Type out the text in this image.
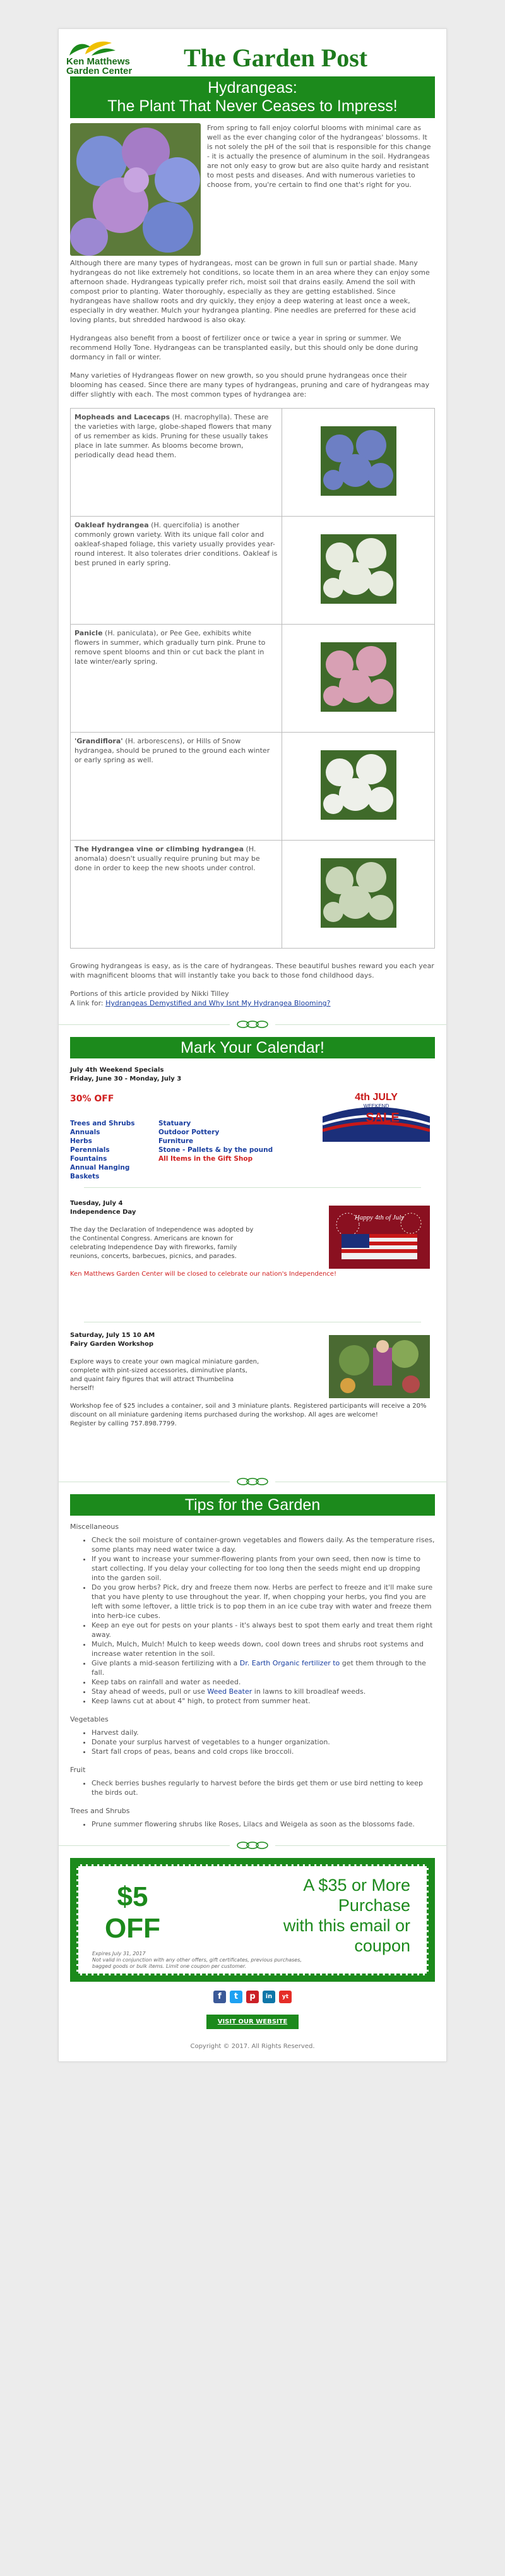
Ken Matthews
Garden Center The Garden Post
Hydrangeas:
The Plant That Never Ceases to Impress!

From spring to fall enjoy colorful blooms with minimal care as well as the ever changing color of the hydrangeas' blossoms. It is not solely the pH of the soil that is responsible for this change - it is actually the presence of aluminum in the soil. Hydrangeas are not only easy to grow but are also quite hardy and resistant to most pests and diseases. And with numerous varieties to choose from, you're certain to find one that's right for you.

Although there are many types of hydrangeas, most can be grown in full sun or partial shade. Many hydrangeas do not like extremely hot conditions, so locate them in an area where they can enjoy some afternoon shade. Hydrangeas typically prefer rich, moist soil that drains easily. Amend the soil with compost prior to planting. Water thoroughly, especially as they are getting established. Since hydrangeas have shallow roots and dry quickly, they enjoy a deep watering at least once a week, especially in dry weather. Mulch your hydrangea planting. Pine needles are preferred for these acid loving plants, but shredded hardwood is also okay.

Hydrangeas also benefit from a boost of fertilizer once or twice a year in spring or summer. We recommend Holly Tone. Hydrangeas can be transplanted easily, but this should only be done during dormancy in fall or winter.

Many varieties of Hydrangeas flower on new growth, so you should prune hydrangeas once their blooming has ceased. Since there are many types of hydrangeas, pruning and care of hydrangeas may differ slightly with each. The most common types of hydrangea are:

Mopheads and Lacecaps (H. macrophylla). These are the varieties with large, globe-shaped flowers that many of us remember as kids. Pruning for these usually takes place in late summer. As blooms become brown, periodically dead head them.	
Oakleaf hydrangea (H. quercifolia) is another commonly grown variety. With its unique fall color and oakleaf-shaped foliage, this variety usually provides year-round interest. It also tolerates drier conditions. Oakleaf is best pruned in early spring.	
Panicle (H. paniculata), or Pee Gee, exhibits white flowers in summer, which gradually turn pink. Prune to remove spent blooms and thin or cut back the plant in late winter/early spring.	
'Grandiflora' (H. arborescens), or Hills of Snow hydrangea, should be pruned to the ground each winter or early spring as well.	
The Hydrangea vine or climbing hydrangea (H. anomala) doesn't usually require pruning but may be done in order to keep the new shoots under control.	

Growing hydrangeas is easy, as is the care of hydrangeas. These beautiful bushes reward you each year with magnificent blooms that will instantly take you back to those fond childhood days.

Portions of this article provided by Nikki Tilley
A link for: Hydrangeas Demystified and Why Isnt My Hydrangea Blooming?
Mark Your Calendar!
July 4th Weekend Specials
Friday, June 30 - Monday, July 3
30% OFF
Trees and Shrubs
Annuals
Herbs
Perennials
Fountains
Annual Hanging Baskets
Statuary
Outdoor Pottery
Furniture
Stone - Pallets & by the pound
All Items in the Gift Shop
4th JULY
WEEKEND
SALE
Tuesday, July 4
Independence Day
The day the Declaration of Independence was adopted by the Continental Congress. Americans are known for celebrating Independence Day with fireworks, family reunions, concerts, barbecues, picnics, and parades.
Ken Matthews Garden Center will be closed to celebrate our nation's Independence!
Happy 4th of July
Saturday, July 15 10 AM
Fairy Garden Workshop
Explore ways to create your own magical miniature garden, complete with pint-sized accessories, diminutive plants, and quaint fairy figures that will attract Thumbelina herself!
Workshop fee of $25 includes a container, soil and 3 miniature plants. Registered participants will receive a 20% discount on all miniature gardening items purchased during the workshop. All ages are welcome!
Register by calling 757.898.7799.
Tips for the Garden
Miscellaneous
• Check the soil moisture of container-grown vegetables and flowers daily. As the temperature rises, some plants may need water twice a day.
• If you want to increase your summer-flowering plants from your own seed, then now is time to start collecting. If you delay your collecting for too long then the seeds might end up dropping into the garden soil.
• Do you grow herbs? Pick, dry and freeze them now. Herbs are perfect to freeze and it'll make sure that you have plenty to use throughout the year. If, when chopping your herbs, you find you are left with some leftover, a little trick is to pop them in an ice cube tray with water and freeze them into herb-ice cubes.
• Keep an eye out for pests on your plants - it's always best to spot them early and treat them right away.
• Mulch, Mulch, Mulch! Mulch to keep weeds down, cool down trees and shrubs root systems and increase water retention in the soil.
• Give plants a mid-season fertilizing with a Dr. Earth Organic fertilizer to get them through to the fall.
• Keep tabs on rainfall and water as needed.
• Stay ahead of weeds, pull or use Weed Beater in lawns to kill broadleaf weeds.
• Keep lawns cut at about 4" high, to protect from summer heat.
Vegetables
• Harvest daily.
• Donate your surplus harvest of vegetables to a hunger organization.
• Start fall crops of peas, beans and cold crops like broccoli.
Fruit
• Check berries bushes regularly to harvest before the birds get them or use bird netting to keep the birds out.
Trees and Shrubs
• Prune summer flowering shrubs like Roses, Lilacs and Weigela as soon as the blossoms fade.
$5
OFF
A $35 or More
Purchase
with this email or
coupon
Expires July 31, 2017
Not valid in conjunction with any other offers, gift certificates, previous purchases,
bagged goods or bulk items. Limit one coupon per customer.
f	t	p	in	yt
VISIT OUR WEBSITE
Copyright © 2017. All Rights Reserved.
